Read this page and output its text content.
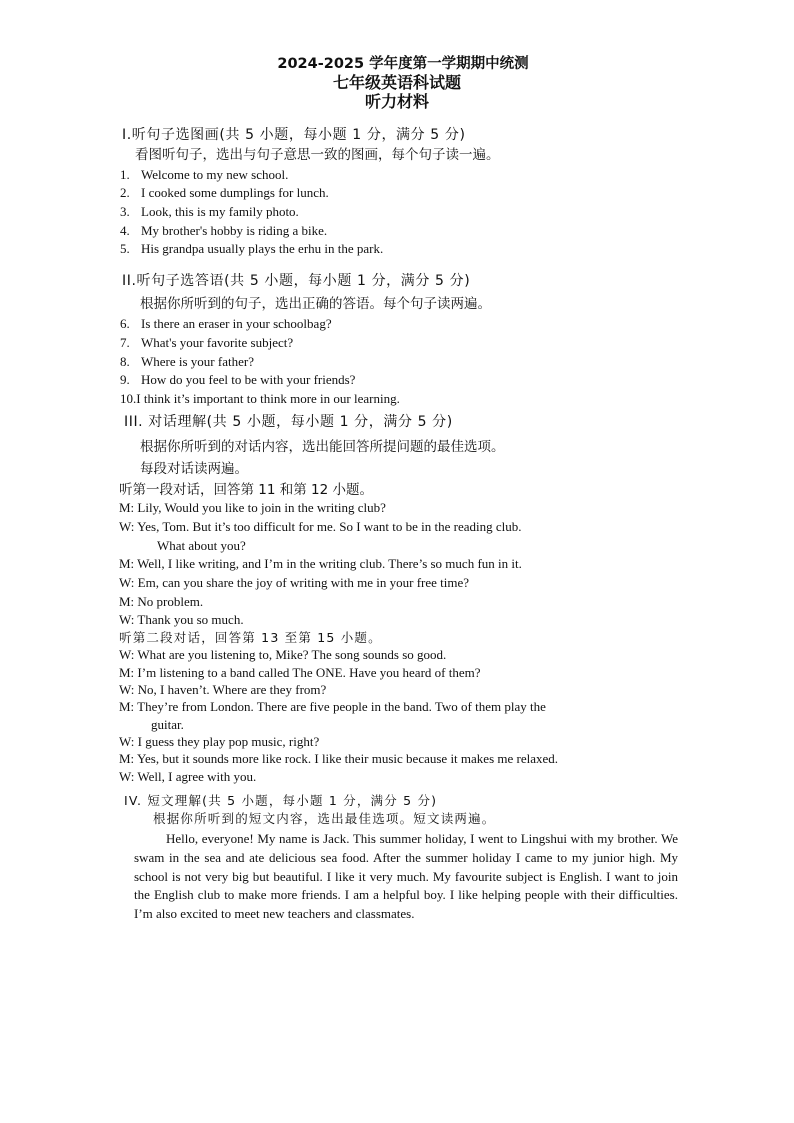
2024-2025 学年度第一学期期中统测
七年级英语科试题
听力材料
I.听句子选图画(共 5 小题，每小题 1 分，满分 5 分)
看图听句子，选出与句子意思一致的图画，每个句子读一遍。
1. Welcome to my new school.
2. I cooked some dumplings for lunch.
3. Look, this is my family photo.
4. My brother's hobby is riding a bike.
5. His grandpa usually plays the erhu in the park.
II.听句子选答语(共 5 小题，每小题 1 分，满分 5 分)
根据你所听到的句子，选出正确的答语。每个句子读两遍。
6. Is there an eraser in your schoolbag?
7. What's your favorite subject?
8. Where is your father?
9. How do you feel to be with your friends?
10.I think it’s important to think more in our learning.
III. 对话理解(共 5 小题，每小题 1 分，满分 5 分)
根据你所听到的对话内容，选出能回答所提问题的最佳选项。
每段对话读两遍。
听第一段对话，回答第 11 和第 12 小题。
M: Lily, Would you like to join in the writing club?
W: Yes, Tom. But it’s too difficult for me. So I want to be in the reading club.
What about you?
M: Well, I like writing, and I’m in the writing club. There’s so much fun in it.
W: Em, can you share the joy of writing with me in your free time?
M: No problem.
W: Thank you so much.
听第二段对话，回答第 13 至第 15 小题。
W: What are you listening to, Mike? The song sounds so good.
M: I’m listening to a band called The ONE. Have you heard of them?
W: No, I haven’t. Where are they from?
M: They’re from London. There are five people in the band. Two of them play the
guitar.
W: I guess they play pop music, right?
M: Yes, but it sounds more like rock. I like their music because it makes me relaxed.
W: Well, I agree with you.
IV. 短文理解(共 5 小题，每小题 1 分，满分 5 分)
根据你所听到的短文内容，选出最佳选项。短文读两遍。
Hello, everyone! My name is Jack. This summer holiday, I went to Lingshui with my brother. We swam in the sea and ate delicious sea food. After the summer holiday I came to my junior high. My school is not very big but beautiful. I like it very much. My favourite subject is English. I want to join the English club to make more friends. I am a helpful boy. I like helping people with their difficulties. I’m also excited to meet new teachers and classmates.
